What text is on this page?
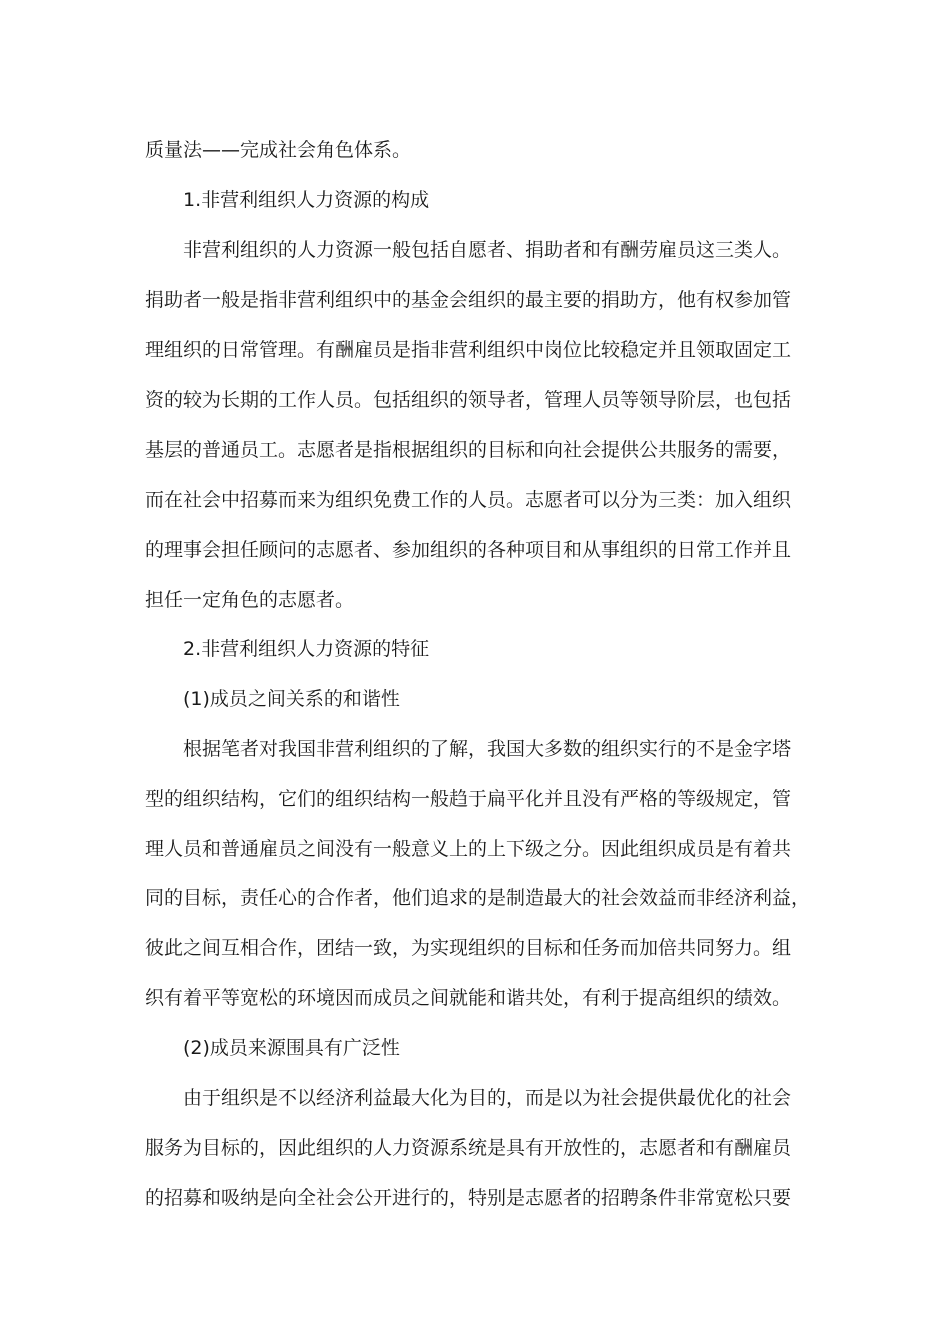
质量法——完成社会角色体系。
1.非营利组织人力资源的构成
非营利组织的人力资源一般包括自愿者、捐助者和有酬劳雇员这三类人。
捐助者一般是指非营利组织中的基金会组织的最主要的捐助方，他有权参加管
理组织的日常管理。有酬雇员是指非营利组织中岗位比较稳定并且领取固定工
资的较为长期的工作人员。包括组织的领导者，管理人员等领导阶层，也包括
基层的普通员工。志愿者是指根据组织的目标和向社会提供公共服务的需要，
而在社会中招募而来为组织免费工作的人员。志愿者可以分为三类：加入组织
的理事会担任顾问的志愿者、参加组织的各种项目和从事组织的日常工作并且
担任一定角色的志愿者。
2.非营利组织人力资源的特征
(1)成员之间关系的和谐性
根据笔者对我国非营利组织的了解，我国大多数的组织实行的不是金字塔
型的组织结构，它们的组织结构一般趋于扁平化并且没有严格的等级规定，管
理人员和普通雇员之间没有一般意义上的上下级之分。因此组织成员是有着共
同的目标，责任心的合作者，他们追求的是制造最大的社会效益而非经济利益，
彼此之间互相合作，团结一致，为实现组织的目标和任务而加倍共同努力。组
织有着平等宽松的环境因而成员之间就能和谐共处，有利于提高组织的绩效。
(2)成员来源围具有广泛性
由于组织是不以经济利益最大化为目的，而是以为社会提供最优化的社会
服务为目标的，因此组织的人力资源系统是具有开放性的，志愿者和有酬雇员
的招募和吸纳是向全社会公开进行的，特别是志愿者的招聘条件非常宽松只要
